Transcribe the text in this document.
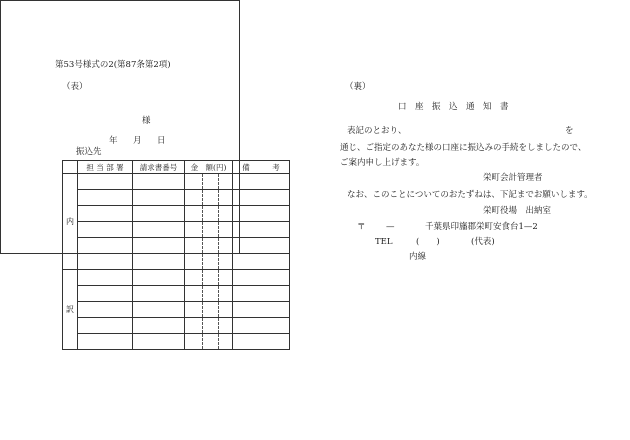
第53号様式の2(第87条第2項)
（表）
様
年 月 日
振込先
	担 当 部 署	請求書番号	金　額(円)	備　　　考
内			

訳			

（裏）
口　座　振　込　通　知　書
表記のとおり、	を
通じ、ご指定のあなた様の口座に振込みの手続をしましたので、
ご案内申し上げます。
栄町会計管理者
なお、このことについてのおたずねは、下記までお願いします。
栄町役場　出納室
〒 —	千葉県印旛郡栄町安食台1—2
TEL	(　　)	(代表)
内線
